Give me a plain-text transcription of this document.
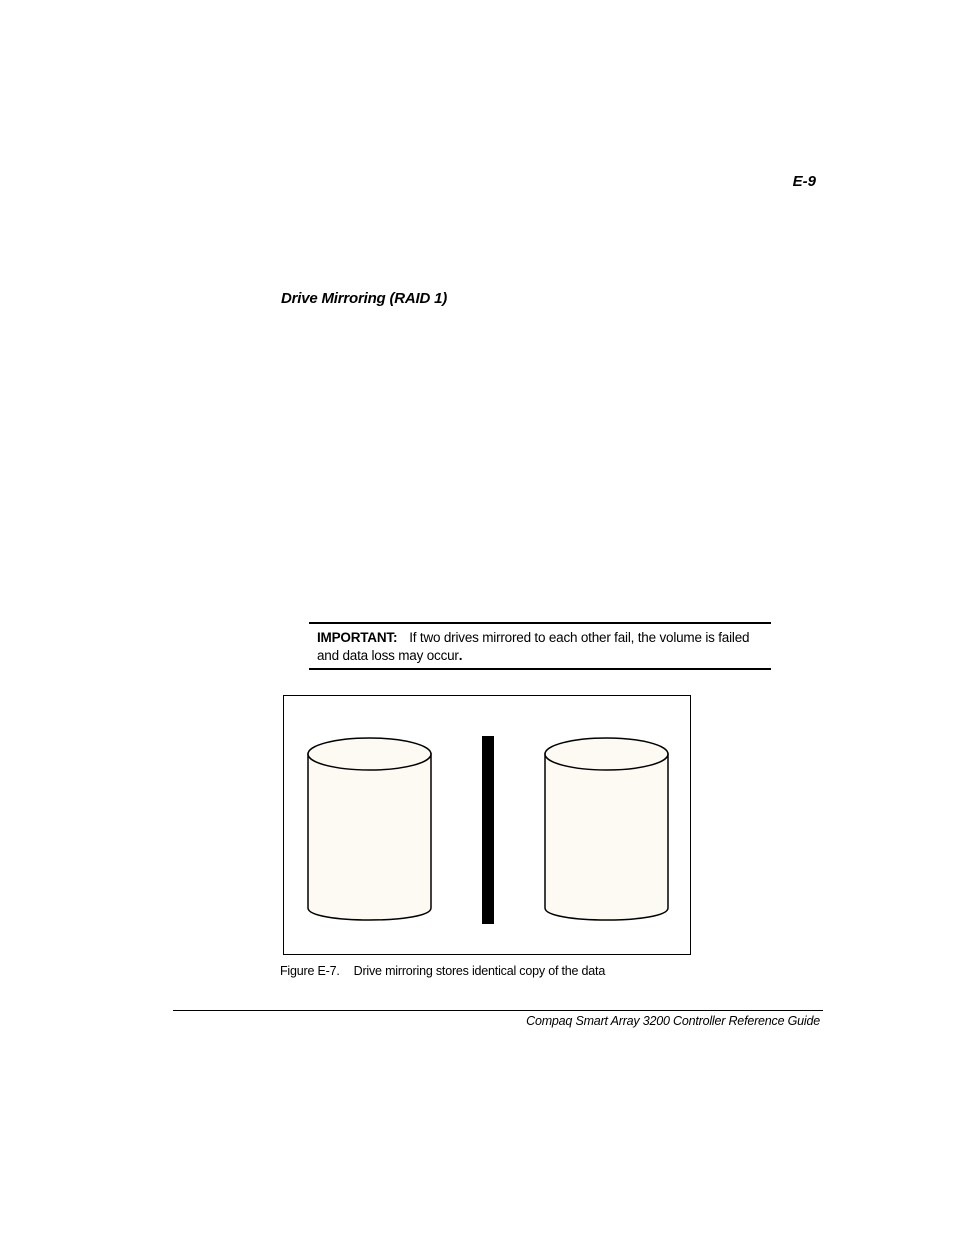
E-9
Drive Mirroring (RAID 1)
IMPORTANT: If two drives mirrored to each other fail, the volume is failed and data loss may occur.
Figure E-7. Drive mirroring stores identical copy of the data
Compaq Smart Array 3200 Controller Reference Guide
